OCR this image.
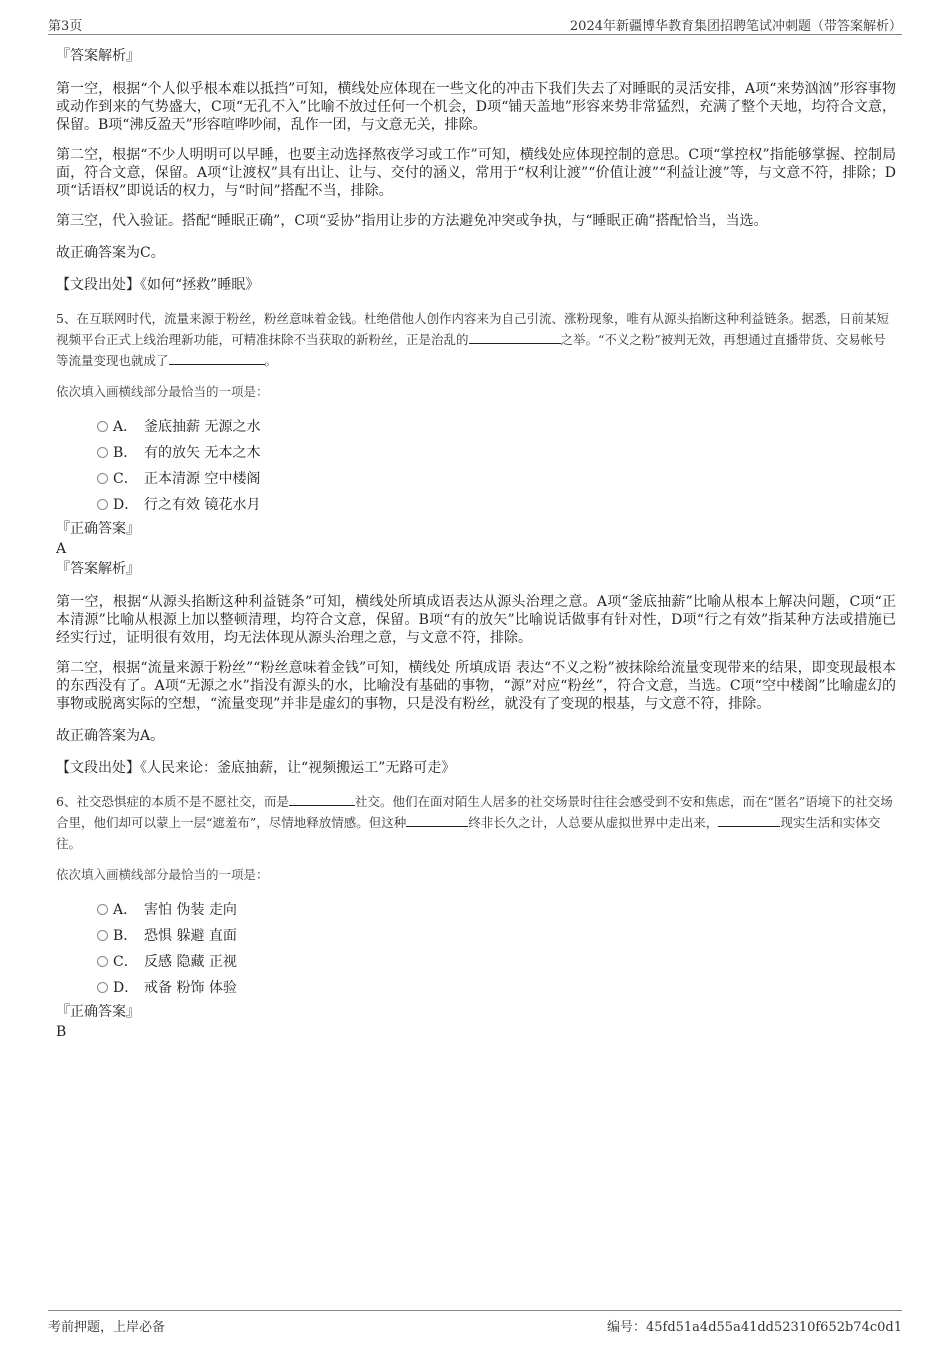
第3页	2024年新疆博华教育集团招聘笔试冲刺题（带答案解析）

『答案解析』

第一空，根据“个人似乎根本难以抵挡”可知，横线处应体现在一些文化的冲击下我们失去了对睡眠的灵活安排，A项“来势汹汹”形容事物或动作到来的气势盛大，C项“无孔不入”比喻不放过任何一个机会，D项“铺天盖地”形容来势非常猛烈，充满了整个天地，均符合文意，保留。B项“沸反盈天”形容喧哗吵闹，乱作一团，与文意无关，排除。

第二空，根据“不少人明明可以早睡，也要主动选择熬夜学习或工作”可知，横线处应体现控制的意思。C项“掌控权”指能够掌握、控制局面，符合文意，保留。A项“让渡权”具有出让、让与、交付的涵义，常用于“权利让渡”“价值让渡”“利益让渡”等，与文意不符，排除；D项“话语权”即说话的权力，与“时间”搭配不当，排除。

第三空，代入验证。搭配“睡眠正确”，C项“妥协”指用让步的方法避免冲突或争执，与“睡眠正确”搭配恰当，当选。

故正确答案为C。

【文段出处】《如何“拯救”睡眠》

5、在互联网时代，流量来源于粉丝，粉丝意味着金钱。杜绝借他人创作内容来为自己引流、涨粉现象，唯有从源头掐断这种利益链条。据悉，日前某短视频平台正式上线治理新功能，可精准抹除不当获取的新粉丝，正是治乱的	之举。“不义之粉”被判无效，再想通过直播带货、交易帐号等流量变现也就成了	。

依次填入画横线部分最恰当的一项是：

A． 釜底抽薪 无源之水
B． 有的放矢 无本之木
C． 正本清源 空中楼阁
D． 行之有效 镜花水月

『正确答案』

A

『答案解析』

第一空，根据“从源头掐断这种利益链条”可知，横线处所填成语表达从源头治理之意。A项“釜底抽薪”比喻从根本上解决问题，C项“正本清源”比喻从根源上加以整顿清理，均符合文意，保留。B项“有的放矢”比喻说话做事有针对性，D项“行之有效”指某种方法或措施已经实行过，证明很有效用，均无法体现从源头治理之意，与文意不符，排除。

第二空，根据“流量来源于粉丝”“粉丝意味着金钱”可知，横线处 所填成语 表达“不义之粉”被抹除给流量变现带来的结果，即变现最根本的东西没有了。A项“无源之水”指没有源头的水，比喻没有基础的事物，“源”对应“粉丝”，符合文意，当选。C项“空中楼阁”比喻虚幻的事物或脱离实际的空想，“流量变现”并非是虚幻的事物，只是没有粉丝，就没有了变现的根基，与文意不符，排除。

故正确答案为A。

【文段出处】《人民来论：釜底抽薪，让“视频搬运工”无路可走》

6、社交恐惧症的本质不是不愿社交，而是	社交。他们在面对陌生人居多的社交场景时往往会感受到不安和焦虑，而在“匿名”语境下的社交场合里，他们却可以蒙上一层“遮羞布”，尽情地释放情感。但这种	终非长久之计，人总要从虚拟世界中走出来，	现实生活和实体交往。

依次填入画横线部分最恰当的一项是：

A． 害怕 伪装 走向
B． 恐惧 躲避 直面
C． 反感 隐藏 正视
D． 戒备 粉饰 体验

『正确答案』

B

考前押题，上岸必备	编号：45fd51a4d55a41dd52310f652b74c0d1
